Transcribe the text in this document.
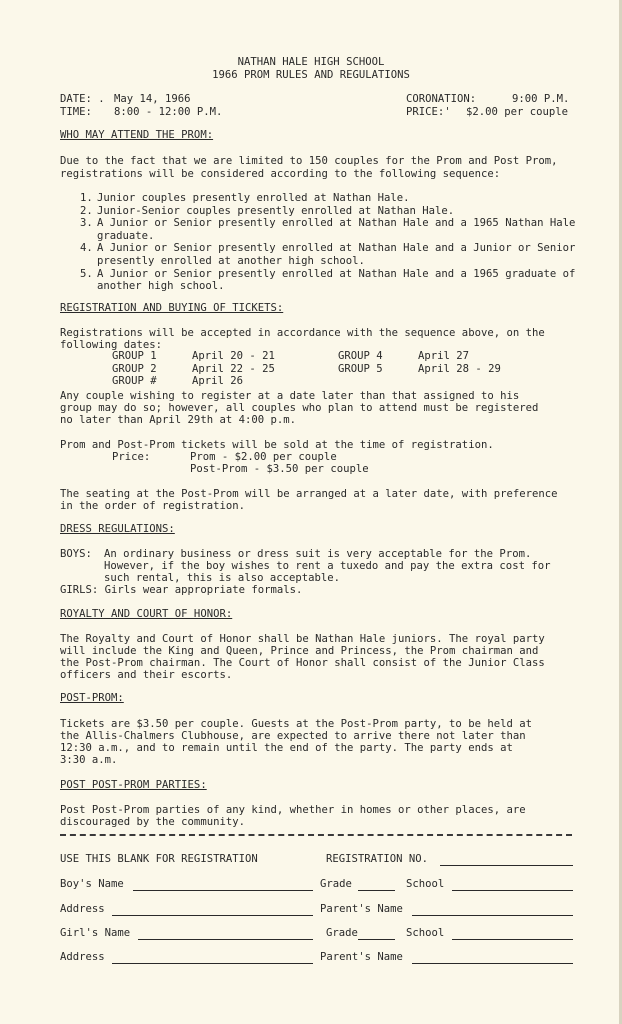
NATHAN HALE HIGH SCHOOL
1966 PROM RULES AND REGULATIONS
DATE: . May 14, 1966
TIME: 8:00 - 12:00 P.M.
CORONATION:	9:00 P.M.
PRICE:' $2.00 per couple
WHO MAY ATTEND THE PROM:
Due to the fact that we are limited to 150 couples for the Prom and Post Prom,
registrations will be considered according to the following sequence:
1. Junior couples presently enrolled at Nathan Hale.
2. Junior-Senior couples presently enrolled at Nathan Hale.
3. A Junior or Senior presently enrolled at Nathan Hale and a 1965 Nathan Hale graduate.
4. A Junior or Senior presently enrolled at Nathan Hale and a Junior or Senior presently enrolled at another high school.
5. A Junior or Senior presently enrolled at Nathan Hale and a 1965 graduate of another high school.
REGISTRATION AND BUYING OF TICKETS:
Registrations will be accepted in accordance with the sequence above, on the
following dates:
GROUP 1	April 20 - 21	GROUP 4	April 27
GROUP 2	April 22 - 25	GROUP 5	April 28 - 29
GROUP #	April 26
Any couple wishing to register at a date later than that assigned to his
group may do so; however, all couples who plan to attend must be registered
no later than April 29th at 4:00 p.m.
Prom and Post-Prom tickets will be sold at the time of registration.
Price:	Prom - $2.00 per couple
Post-Prom - $3.50 per couple
The seating at the Post-Prom will be arranged at a later date, with preference
in the order of registration.
DRESS REGULATIONS:
BOYS: An ordinary business or dress suit is very acceptable for the Prom.
However, if the boy wishes to rent a tuxedo and pay the extra cost for
such rental, this is also acceptable.
GIRLS: Girls wear appropriate formals.
ROYALTY AND COURT OF HONOR:
The Royalty and Court of Honor shall be Nathan Hale juniors. The royal party
will include the King and Queen, Prince and Princess, the Prom chairman and
the Post-Prom chairman. The Court of Honor shall consist of the Junior Class
officers and their escorts.
POST-PROM:
Tickets are $3.50 per couple. Guests at the Post-Prom party, to be held at
the Allis-Chalmers Clubhouse, are expected to arrive there not later than
12:30 a.m., and to remain until the end of the party. The party ends at
3:30 a.m.
POST POST-PROM PARTIES:
Post Post-Prom parties of any kind, whether in homes or other places, are
discouraged by the community.
USE THIS BLANK FOR REGISTRATION	REGISTRATION NO.
Boy's Name	Grade	School
Address	Parent's Name
Girl's Name	Grade	School
Address	Parent's Name
